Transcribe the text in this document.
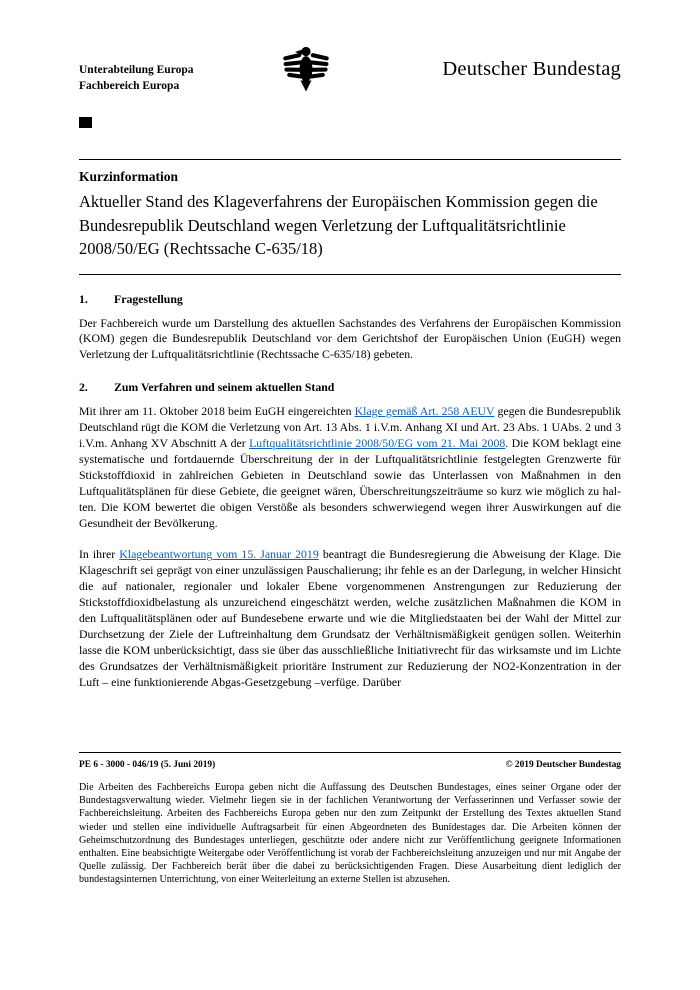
Unterabteilung Europa
Fachbereich Europa
Deutscher Bundestag
Kurzinformation
Aktueller Stand des Klageverfahrens der Europäischen Kommission gegen die Bundesrepublik Deutschland wegen Verletzung der Luftqualitätsrichtlinie 2008/50/EG (Rechtssache C-635/18)
1.	Fragestellung

Der Fachbereich wurde um Darstellung des aktuellen Sachstandes des Verfahrens der Europäischen Kommission (KOM) gegen die Bundesrepublik Deutschland vor dem Gerichtshof der Europäischen Union (EuGH) wegen Verletzung der Luftqualitätsrichtlinie (Rechtssache C-635/18) gebeten.

2.	Zum Verfahren und seinem aktuellen Stand

Mit ihrer am 11. Oktober 2018 beim EuGH eingereichten Klage gemäß Art. 258 AEUV gegen die Bundesrepublik Deutschland rügt die KOM die Verletzung von Art. 13 Abs. 1 i.V.m. Anhang XI und Art. 23 Abs. 1 UAbs. 2 und 3 i.V.m. Anhang XV Abschnitt A der Luftqualitätsrichtlinie 2008/50/EG vom 21. Mai 2008. Die KOM beklagt eine systematische und fortdauernde Überschreitung der in der Luftqualitätsrichtlinie festgelegten Grenzwerte für Stickstoffdioxid in zahlreichen Gebieten in Deutschland sowie das Unterlassen von Maßnahmen in den Luftqualitätsplänen für diese Gebiete, die geeignet wären, Überschreitungszeiträume so kurz wie möglich zu halten. Die KOM bewertet die obigen Verstöße als besonders schwerwiegend wegen ihrer Auswirkungen auf die Gesundheit der Bevölkerung.

In ihrer Klagebeantwortung vom 15. Januar 2019 beantragt die Bundesregierung die Abweisung der Klage. Die Klageschrift sei geprägt von einer unzulässigen Pauschalierung; ihr fehle es an der Darlegung, in welcher Hinsicht die auf nationaler, regionaler und lokaler Ebene vorgenommenen Anstrengungen zur Reduzierung der Stickstoffdioxidbelastung als unzureichend eingeschätzt werden, welche zusätzlichen Maßnahmen die KOM in den Luftqualitätsplänen oder auf Bundesebene erwarte und wie die Mitgliedstaaten bei der Wahl der Mittel zur Durchsetzung der Ziele der Luftreinhaltung dem Grundsatz der Verhältnismäßigkeit genügen sollen. Weiterhin lasse die KOM unberücksichtigt, dass sie über das ausschließliche Initiativrecht für das wirksamste und im Lichte des Grundsatzes der Verhältnismäßigkeit prioritäre Instrument zur Reduzierung der NO2-Konzentration in der Luft – eine funktionierende Abgas-Gesetzgebung –verfüge. Darüber

PE 6 - 3000 - 046/19 (5. Juni 2019)	© 2019 Deutscher Bundestag

Die Arbeiten des Fachbereichs Europa geben nicht die Auffassung des Deutschen Bundestages, eines seiner Organe oder der Bundestagsverwaltung wieder. Vielmehr liegen sie in der fachlichen Verantwortung der Verfasserinnen und Verfasser sowie der Fachbereichsleitung. Arbeiten des Fachbereichs Europa geben nur den zum Zeitpunkt der Erstellung des Textes aktuellen Stand wieder und stellen eine individuelle Auftragsarbeit für einen Abgeordneten des Bunídestages dar. Die Arbeiten können der Geheimschutzordnung des Bundestages unterliegen, geschützte oder andere nicht zur Veröffentlichung geeignete Informationen enthalten. Eine beabsichtigte Weitergabe oder Veröffentlichung ist vorab der Fachbereichsleitung anzuzeigen und nur mit Angabe der Quelle zulässig. Der Fachbereich berät über die dabei zu berücksichtigenden Fragen. Diese Ausarbeitung dient lediglich der bundestagsinternen Unterrichtung, von einer Weiterleitung an externe Stellen ist abzusehen.
